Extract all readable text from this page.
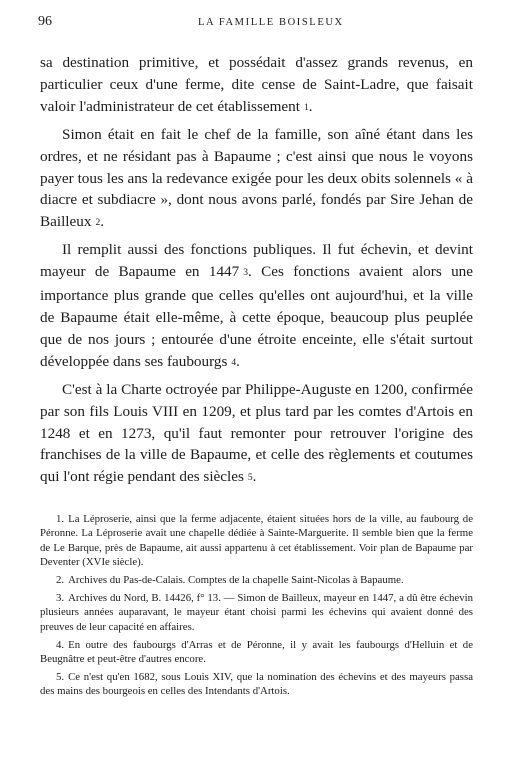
96	LA FAMILLE BOISLEUX

sa destination primitive, et possédait d'assez grands revenus, en particulier ceux d'une ferme, dite cense de Saint-Ladre, que faisait valoir l'administrateur de cet établissement 1.

Simon était en fait le chef de la famille, son aîné étant dans les ordres, et ne résidant pas à Bapaume ; c'est ainsi que nous le voyons payer tous les ans la redevance exigée pour les deux obits solennels « à diacre et subdiacre », dont nous avons parlé, fondés par Sire Jehan de Bailleux 2.

Il remplit aussi des fonctions publiques. Il fut échevin, et devint mayeur de Bapaume en 1447 3. Ces fonctions avaient alors une importance plus grande que celles qu'elles ont aujourd'hui, et la ville de Bapaume était elle-même, à cette époque, beaucoup plus peuplée que de nos jours ; entourée d'une étroite enceinte, elle s'était surtout développée dans ses faubourgs 4.

C'est à la Charte octroyée par Philippe-Auguste en 1200, confirmée par son fils Louis VIII en 1209, et plus tard par les comtes d'Artois en 1248 et en 1273, qu'il faut remonter pour retrouver l'origine des franchises de la ville de Bapaume, et celle des règlements et coutumes qui l'ont régie pendant des siècles 5.

1. La Léproserie, ainsi que la ferme adjacente, étaient situées hors de la ville, au faubourg de Péronne. La Léproserie avait une chapelle dédiée à Sainte-Marguerite. Il semble bien que la ferme de Le Barque, près de Bapaume, ait aussi appartenu à cet établissement. Voir plan de Bapaume par Deventer (XVIe siècle).

2. Archives du Pas-de-Calais. Comptes de la chapelle Saint-Nicolas à Bapaume.

3. Archives du Nord, B. 14426, f° 13. — Simon de Bailleux, mayeur en 1447, a dû être échevin plusieurs années auparavant, le mayeur étant choisi parmi les échevins qui avaient donné des preuves de leur capacité en affaires.

4. En outre des faubourgs d'Arras et de Péronne, il y avait les faubourgs d'Helluin et de Beugnâtre et peut-être d'autres encore.

5. Ce n'est qu'en 1682, sous Louis XIV, que la nomination des échevins et des mayeurs passa des mains des bourgeois en celles des Intendants d'Artois.
